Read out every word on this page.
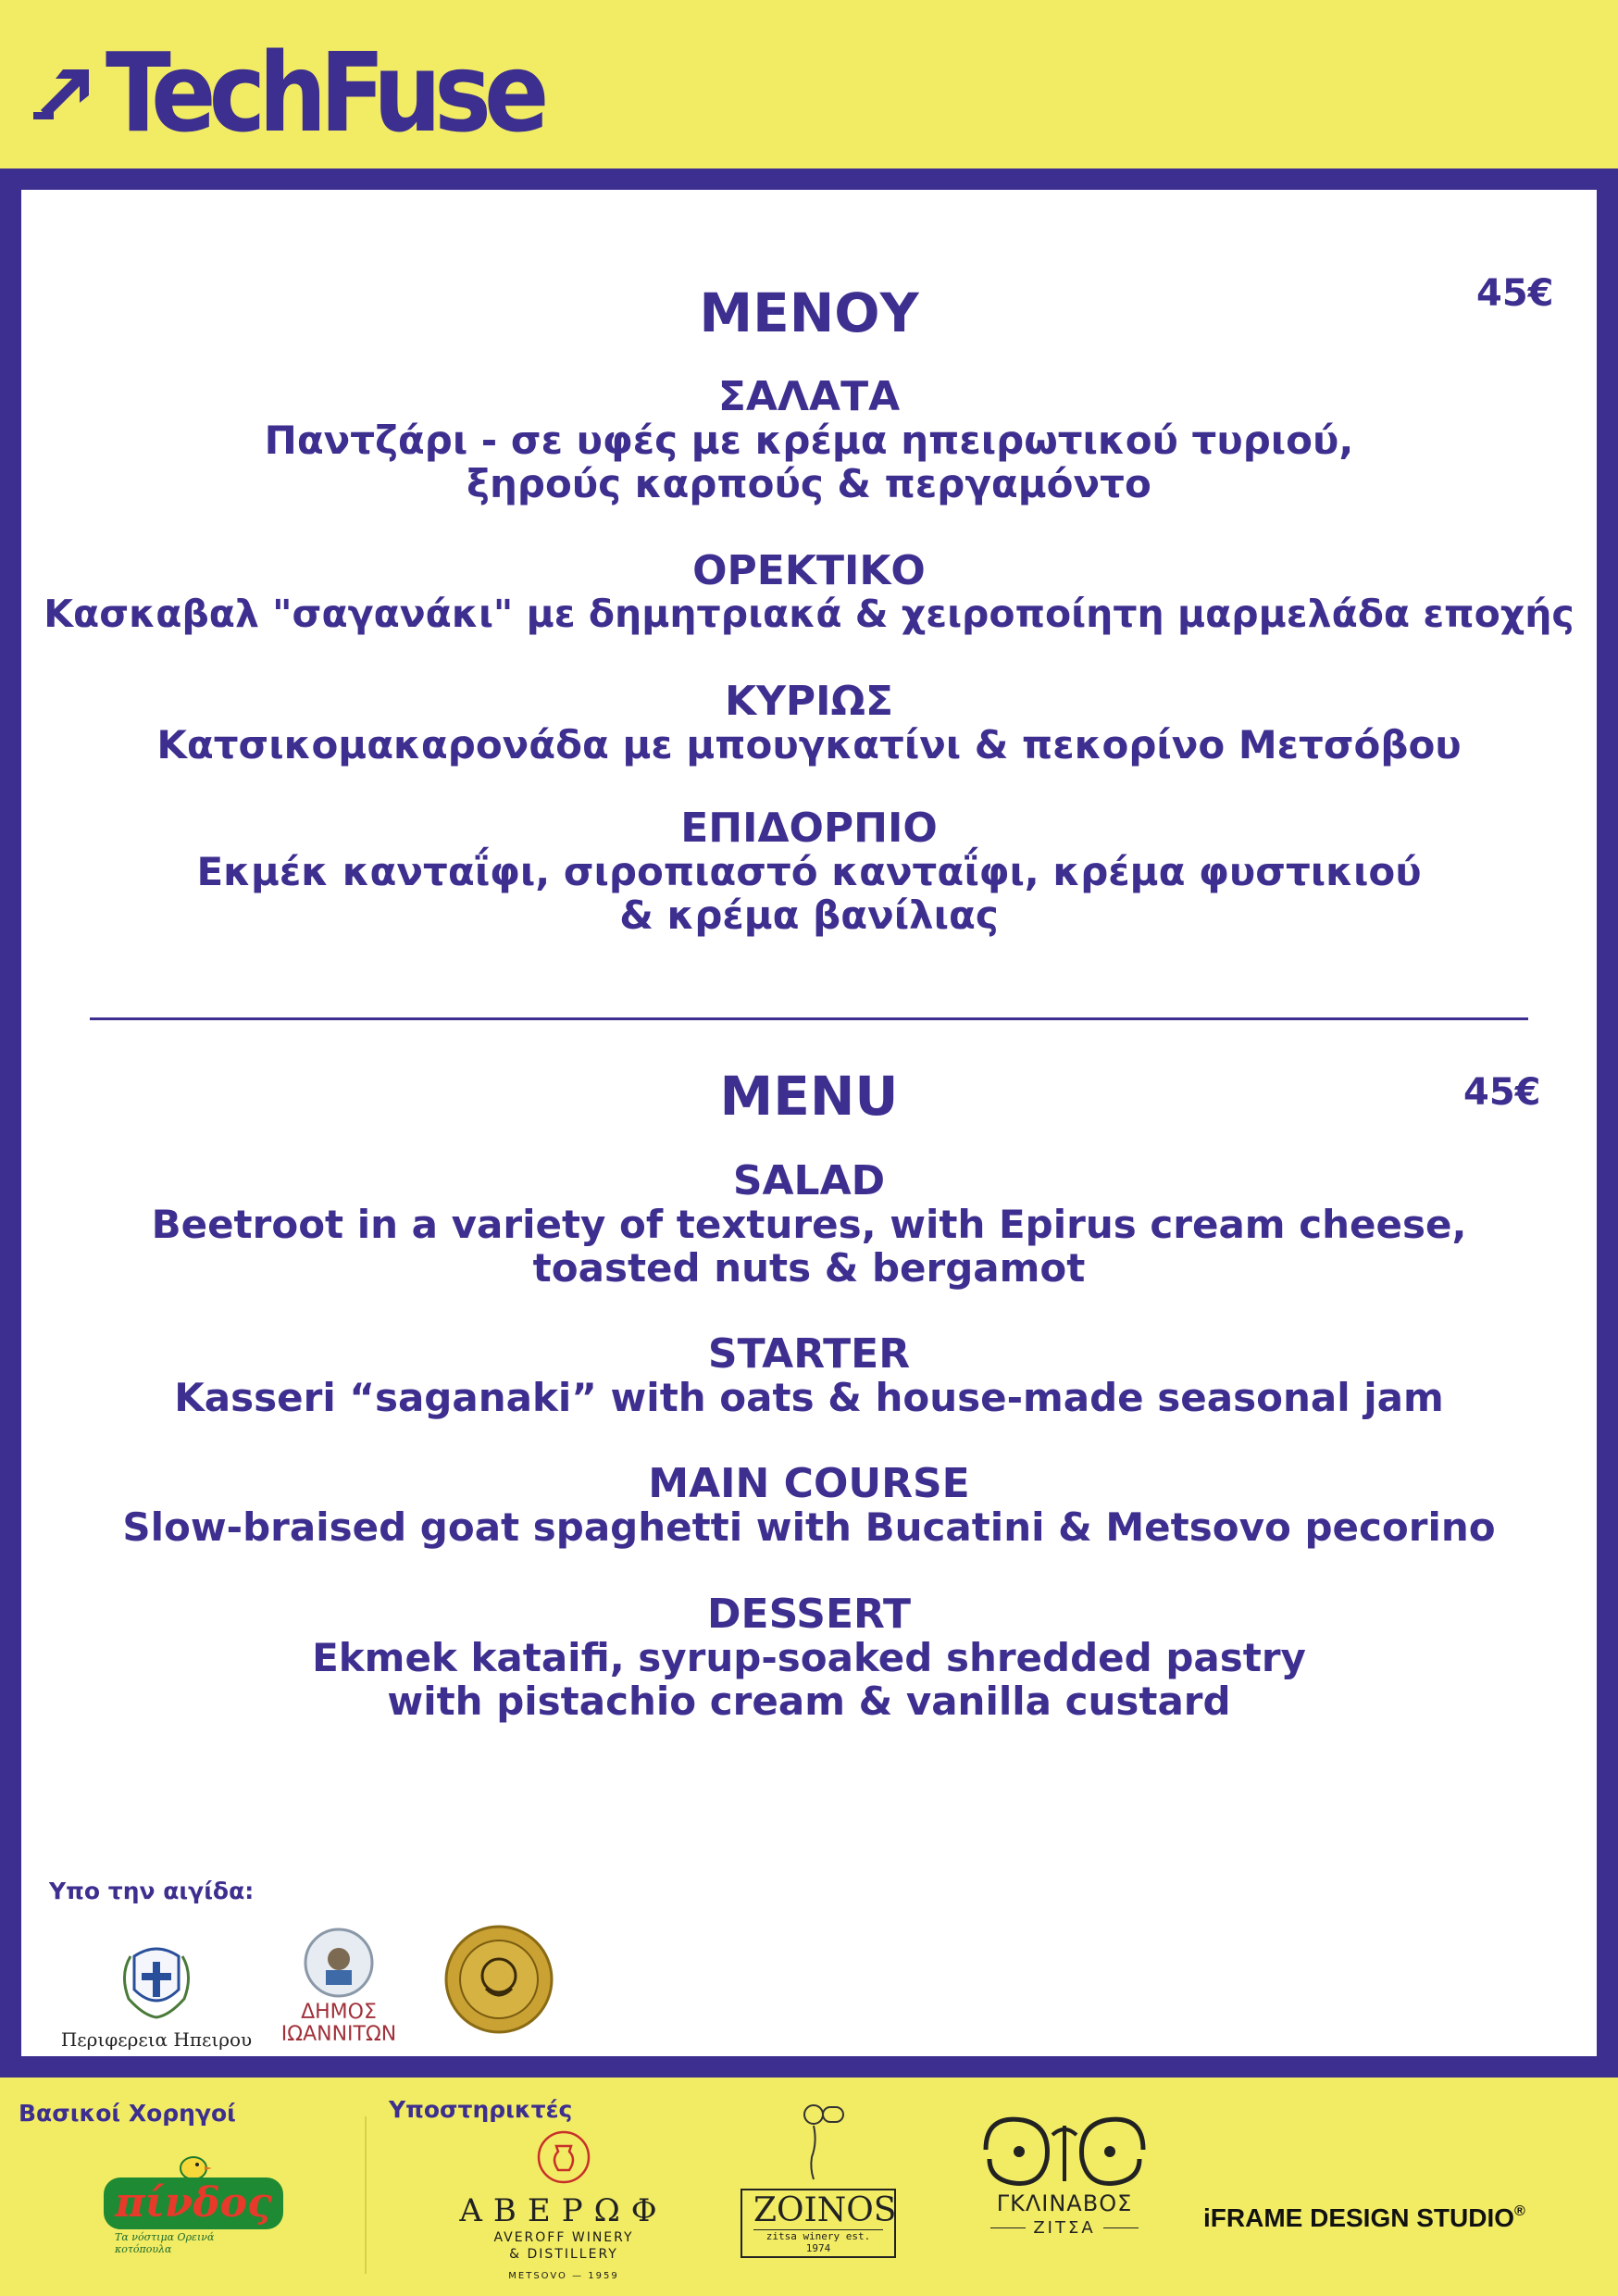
TechFuse
45€
ΜΕΝΟΥ
ΣΑΛΑΤΑ
Παντζάρι - σε υφές με κρέμα ηπειρωτικού τυριού,
ξηρούς καρπούς & περγαμόντο
ΟΡΕΚΤΙΚΟ
Κασκαβαλ "σαγανάκι" με δημητριακά & χειροποίητη μαρμελάδα εποχής
ΚΥΡΙΩΣ
Κατσικομακαρονάδα με μπουγκατίνι & πεκορίνο Μετσόβου
ΕΠΙΔΟΡΠΙΟ
Εκμέκ κανταΐφι, σιροπιαστό κανταΐφι, κρέμα φυστικιού
& κρέμα βανίλιας
45€
MENU
SALAD
Beetroot in a variety of textures, with Epirus cream cheese,
toasted nuts & bergamot
STARTER
Kasseri “saganaki” with oats & house-made seasonal jam
MAIN COURSE
Slow-braised goat spaghetti with Bucatini & Metsovo pecorino
DESSERT
Ekmek kataifi, syrup-soaked shredded pastry
with pistachio cream & vanilla custard
Υπο την αιγίδα:
Περιφερεια Ηπειρου
ΔΗΜΟΣ
ΙΩΑΝΝΙΤΩΝ
Βασικοί Χορηγοί	Υποστηρικτές
πίνδος
Τα νόστιμα Ορεινά κοτόπουλα
ΑΒΕΡΩΦ
AVEROFF WINERY
& DISTILLERY
METSOVO — 1959
ZOINOS
zitsa winery est. 1974
ΓΚΛΙΝΑΒΟΣ
ΖΙΤΣΑ	iFRAME DESIGN STUDIO ®
